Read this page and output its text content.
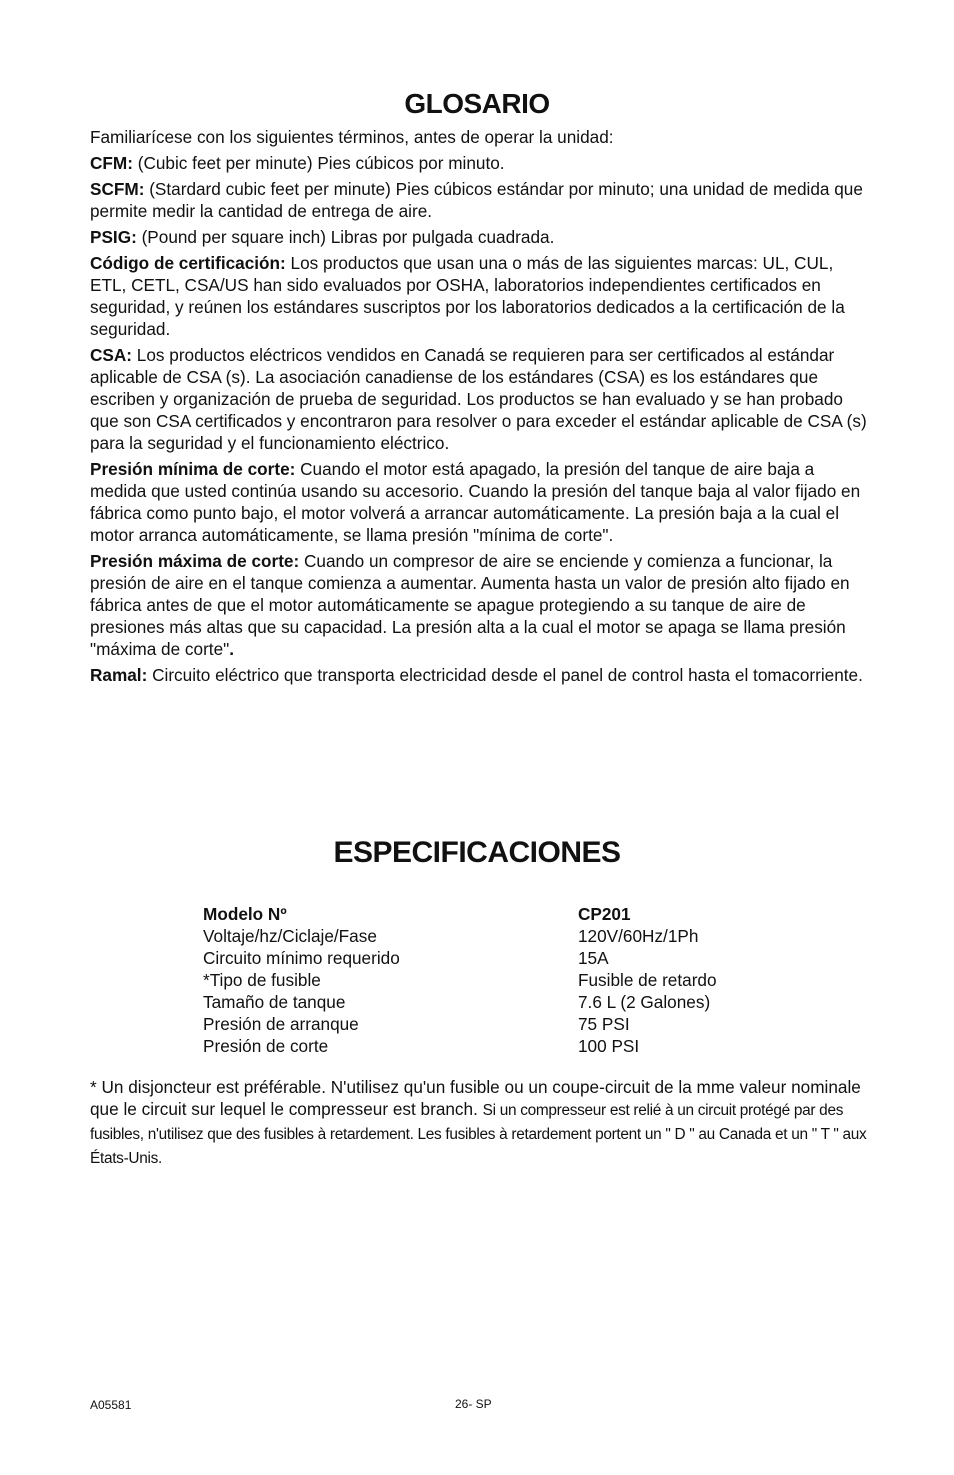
GLOSARIO

Familiarícese con los siguientes términos, antes de operar la unidad:

CFM: (Cubic feet per minute) Pies cúbicos por minuto.

SCFM: (Stardard cubic feet per minute) Pies cúbicos estándar por minuto; una unidad de medida que permite medir la cantidad de entrega de aire.

PSIG: (Pound per square inch) Libras por pulgada cuadrada.

Código de certificación: Los productos que usan una o más de las siguientes marcas: UL, CUL, ETL, CETL, CSA/US han sido evaluados por OSHA, laboratorios independientes certificados en seguridad, y reúnen los estándares suscriptos por los laboratorios dedicados a la certificación de la seguridad.

CSA: Los productos eléctricos vendidos en Canadá se requieren para ser certificados al estándar aplicable de CSA (s). La asociación canadiense de los estándares (CSA) es los estándares que escriben y organización de prueba de seguridad. Los productos se han evaluado y se han probado que son CSA certificados y encontraron para resolver o para exceder el estándar aplicable de CSA (s) para la seguridad y el funcionamiento eléctrico.

Presión mínima de corte: Cuando el motor está apagado, la presión del tanque de aire baja a medida que usted continúa usando su accesorio. Cuando la presión del tanque baja al valor fijado en fábrica como punto bajo, el motor volverá a arrancar automáticamente. La presión baja a la cual el motor arranca automáticamente, se llama presión "mínima de corte".

Presión máxima de corte: Cuando un compresor de aire se enciende y comienza a funcionar, la presión de aire en el tanque comienza a aumentar. Aumenta hasta un valor de presión alto fijado en fábrica antes de que el motor automáticamente se apague protegiendo a su tanque de aire de presiones más altas que su capacidad. La presión alta a la cual el motor se apaga se llama presión "máxima de corte".

Ramal: Circuito eléctrico que transporta electricidad desde el panel de control hasta el tomacorriente.

ESPECIFICACIONES
Modelo Nº	CP201
Voltaje/hz/Ciclaje/Fase	120V/60Hz/1Ph
Circuito mínimo requerido	15A
*Tipo de fusible	Fusible de retardo
Tamaño de tanque	7.6 L (2 Galones)
Presión de arranque	75 PSI
Presión de corte	100 PSI
* Un disjoncteur est préférable. N'utilisez qu'un fusible ou un coupe-circuit de la mme valeur nominale que le circuit sur lequel le compresseur est branch. Si un compresseur est relié à un circuit protégé par des fusibles, n'utilisez que des fusibles à retardement. Les fusibles à retardement portent un " D " au Canada et un " T " aux États-Unis.
A05581	26- SP
